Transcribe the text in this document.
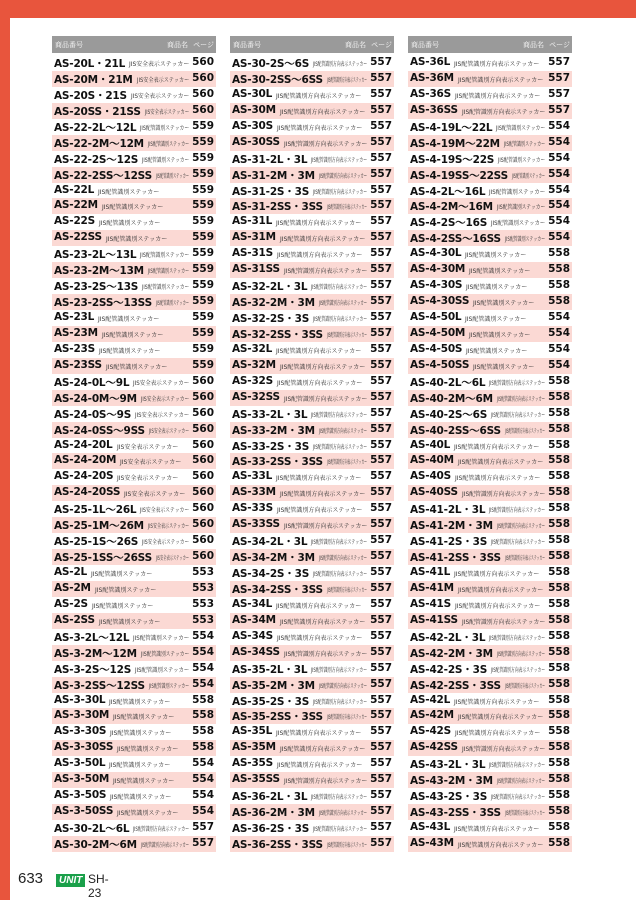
商品番号	商品名 ページ
AS-20L・21L JIS安全表示ステッカー 560
AS-20M・21M JIS安全表示ステッカー 560
AS-20S・21S JIS安全表示ステッカー 560
AS-20SS・21SS JIS安全表示ステッカー 560
AS-22-2L～12L JIS配管識別ステッカー 559
AS-22-2M～12M JIS配管識別ステッカー 559
AS-22-2S～12S JIS配管識別ステッカー 559
AS-22-2SS～12SS JIS配管識別ステッカー 559
AS-22L JIS配管識別ステッカー	559
AS-22M JIS配管識別ステッカー	559
AS-22S JIS配管識別ステッカー	559
AS-22SS JIS配管識別ステッカー 559
AS-23-2L～13L JIS配管識別ステッカー 559
AS-23-2M～13M JIS配管識別ステッカー 559
AS-23-2S～13S JIS配管識別ステッカー 559
AS-23-2SS～13SS JIS配管識別ステッカー 559
AS-23L JIS配管識別ステッカー	559
AS-23M JIS配管識別ステッカー	559
AS-23S JIS配管識別ステッカー	559
AS-23SS JIS配管識別ステッカー 559
AS-24-0L～9L JIS安全表示ステッカー 560
AS-24-0M～9M JIS安全表示ステッカー 560
AS-24-0S～9S JIS安全表示ステッカー 560
AS-24-0SS～9SS JIS安全表示ステッカー 560
AS-24-20L JIS安全表示ステッカー 560
AS-24-20M JIS安全表示ステッカー 560
AS-24-20S JIS安全表示ステッカー 560
AS-24-20SS JIS安全表示ステッカー 560
AS-25-1L～26L JIS安全表示ステッカー 560
AS-25-1M～26M JIS安全表示ステッカー 560
AS-25-1S～26S JIS安全表示ステッカー 560
AS-25-1SS～26SS JIS安全表示ステッカー 560
AS-2L JIS配管識別ステッカー	553
AS-2M JIS配管識別ステッカー	553
AS-2S JIS配管識別ステッカー	553
AS-2SS JIS配管識別ステッカー	553
AS-3-2L～12L JIS配管識別ステッカー 554
AS-3-2M～12M JIS配管識別ステッカー 554
AS-3-2S～12S JIS配管識別ステッカー 554
AS-3-2SS～12SS JIS配管識別ステッカー 554
AS-3-30L JIS配管識別ステッカー 558
AS-3-30M JIS配管識別ステッカー 558
AS-3-30S JIS配管識別ステッカー 558
AS-3-30SS JIS配管識別ステッカー 558
AS-3-50L JIS配管識別ステッカー 554
AS-3-50M JIS配管識別ステッカー 554
AS-3-50S JIS配管識別ステッカー 554
AS-3-50SS JIS配管識別ステッカー 554
AS-30-2L～6L JIS配管識別方向表示ステッカー 557
AS-30-2M～6M JIS配管識別方向表示ステッカー 557
商品番号	商品名 ページ
AS-30-2S～6S JIS配管識別方向表示ステッカー 557
AS-30-2SS～6SS JIS配管識別方向表示ステッカー 557
AS-30L JIS配管識別方向表示ステッカー 557
AS-30M JIS配管識別方向表示ステッカー 557
AS-30S JIS配管識別方向表示ステッカー 557
AS-30SS JIS配管識別方向表示ステッカー 557
AS-31-2L・3L JIS配管識別方向表示ステッカー 557
AS-31-2M・3M JIS配管識別方向表示ステッカー 557
AS-31-2S・3S JIS配管識別方向表示ステッカー 557
AS-31-2SS・3SS JIS配管識別方向表示ステッカー 557
AS-31L JIS配管識別方向表示ステッカー 557
AS-31M JIS配管識別方向表示ステッカー 557
AS-31S JIS配管識別方向表示ステッカー 557
AS-31SS JIS配管識別方向表示ステッカー 557
AS-32-2L・3L JIS配管識別方向表示ステッカー 557
AS-32-2M・3M JIS配管識別方向表示ステッカー 557
AS-32-2S・3S JIS配管識別方向表示ステッカー 557
AS-32-2SS・3SS JIS配管識別方向表示ステッカー 557
AS-32L JIS配管識別方向表示ステッカー 557
AS-32M JIS配管識別方向表示ステッカー 557
AS-32S JIS配管識別方向表示ステッカー 557
AS-32SS JIS配管識別方向表示ステッカー 557
AS-33-2L・3L JIS配管識別方向表示ステッカー 557
AS-33-2M・3M JIS配管識別方向表示ステッカー 557
AS-33-2S・3S JIS配管識別方向表示ステッカー 557
AS-33-2SS・3SS JIS配管識別方向表示ステッカー 557
AS-33L JIS配管識別方向表示ステッカー 557
AS-33M JIS配管識別方向表示ステッカー 557
AS-33S JIS配管識別方向表示ステッカー 557
AS-33SS JIS配管識別方向表示ステッカー 557
AS-34-2L・3L JIS配管識別方向表示ステッカー 557
AS-34-2M・3M JIS配管識別方向表示ステッカー 557
AS-34-2S・3S JIS配管識別方向表示ステッカー 557
AS-34-2SS・3SS JIS配管識別方向表示ステッカー 557
AS-34L JIS配管識別方向表示ステッカー 557
AS-34M JIS配管識別方向表示ステッカー 557
AS-34S JIS配管識別方向表示ステッカー 557
AS-34SS JIS配管識別方向表示ステッカー 557
AS-35-2L・3L JIS配管識別方向表示ステッカー 557
AS-35-2M・3M JIS配管識別方向表示ステッカー 557
AS-35-2S・3S JIS配管識別方向表示ステッカー 557
AS-35-2SS・3SS JIS配管識別方向表示ステッカー 557
AS-35L JIS配管識別方向表示ステッカー 557
AS-35M JIS配管識別方向表示ステッカー 557
AS-35S JIS配管識別方向表示ステッカー 557
AS-35SS JIS配管識別方向表示ステッカー 557
AS-36-2L・3L JIS配管識別方向表示ステッカー 557
AS-36-2M・3M JIS配管識別方向表示ステッカー 557
AS-36-2S・3S JIS配管識別方向表示ステッカー 557
AS-36-2SS・3SS JIS配管識別方向表示ステッカー 557
商品番号	商品名 ページ
AS-36L JIS配管識別方向表示ステッカー 557
AS-36M JIS配管識別方向表示ステッカー 557
AS-36S JIS配管識別方向表示ステッカー 557
AS-36SS JIS配管識別方向表示ステッカー 557
AS-4-19L～22L JIS配管識別ステッカー 554
AS-4-19M～22M JIS配管識別ステッカー 554
AS-4-19S～22S JIS配管識別ステッカー 554
AS-4-19SS～22SS JIS配管識別ステッカー 554
AS-4-2L～16L JIS配管識別ステッカー 554
AS-4-2M～16M JIS配管識別ステッカー 554
AS-4-2S～16S JIS配管識別ステッカー 554
AS-4-2SS～16SS JIS配管識別ステッカー 554
AS-4-30L JIS配管識別ステッカー 558
AS-4-30M JIS配管識別ステッカー 558
AS-4-30S JIS配管識別ステッカー 558
AS-4-30SS JIS配管識別ステッカー 558
AS-4-50L JIS配管識別ステッカー 554
AS-4-50M JIS配管識別ステッカー 554
AS-4-50S JIS配管識別ステッカー 554
AS-4-50SS JIS配管識別ステッカー 554
AS-40-2L～6L JIS配管識別方向表示ステッカー 558
AS-40-2M～6M JIS配管識別方向表示ステッカー 558
AS-40-2S～6S JIS配管識別方向表示ステッカー 558
AS-40-2SS～6SS JIS配管識別方向表示ステッカー 558
AS-40L JIS配管識別方向表示ステッカー 558
AS-40M JIS配管識別方向表示ステッカー 558
AS-40S JIS配管識別方向表示ステッカー 558
AS-40SS JIS配管識別方向表示ステッカー 558
AS-41-2L・3L JIS配管識別方向表示ステッカー 558
AS-41-2M・3M JIS配管識別方向表示ステッカー 558
AS-41-2S・3S JIS配管識別方向表示ステッカー 558
AS-41-2SS・3SS JIS配管識別方向表示ステッカー 558
AS-41L JIS配管識別方向表示ステッカー 558
AS-41M JIS配管識別方向表示ステッカー 558
AS-41S JIS配管識別方向表示ステッカー 558
AS-41SS JIS配管識別方向表示ステッカー 558
AS-42-2L・3L JIS配管識別方向表示ステッカー 558
AS-42-2M・3M JIS配管識別方向表示ステッカー 558
AS-42-2S・3S JIS配管識別方向表示ステッカー 558
AS-42-2SS・3SS JIS配管識別方向表示ステッカー 558
AS-42L JIS配管識別方向表示ステッカー 558
AS-42M JIS配管識別方向表示ステッカー 558
AS-42S JIS配管識別方向表示ステッカー 558
AS-42SS JIS配管識別方向表示ステッカー 558
AS-43-2L・3L JIS配管識別方向表示ステッカー 558
AS-43-2M・3M JIS配管識別方向表示ステッカー 558
AS-43-2S・3S JIS配管識別方向表示ステッカー 558
AS-43-2SS・3SS JIS配管識別方向表示ステッカー 558
AS-43L JIS配管識別方向表示ステッカー 558
AS-43M JIS配管識別方向表示ステッカー 558
633	UNIT SH-23
